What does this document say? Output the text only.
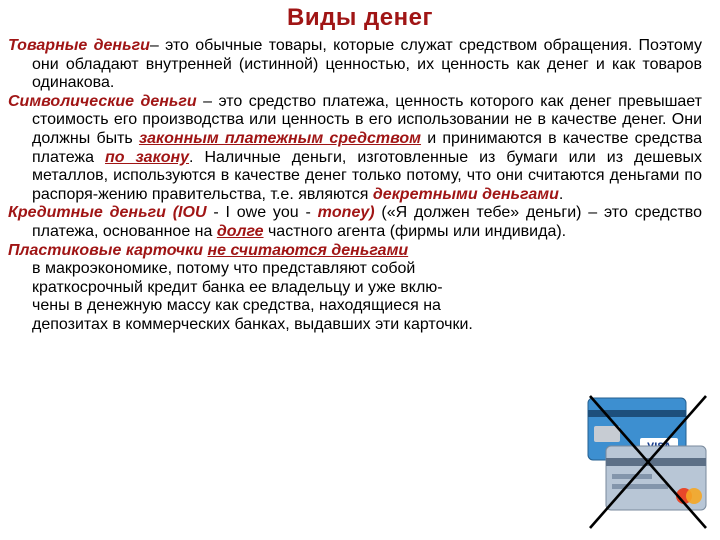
Виды денег

Товарные деньги– это обычные товары, которые служат средством обращения. Поэтому они обладают внутренней (истинной) ценностью, их ценность как денег и как товаров одинакова.

Символические деньги – это средство платежа, ценность которого как денег превышает стоимость его производства или ценность в его использовании не в качестве денег. Они должны быть законным платежным средством и принимаются в качестве средства платежа по закону. Наличные деньги, изготовленные из бумаги или из дешевых металлов, используются в качестве денег только потому, что они считаются деньгами по распоря-жению правительства, т.е. являются декретными деньгами.

Кредитные деньги (IOU - I owe you - money) («Я должен тебе» деньги) – это средство платежа, основанное на долге частного агента (фирмы или индивида).

Пластиковые карточки не считаются деньгами
в макроэкономике, потому что представляют собой
краткосрочный кредит банка ее владельцу и уже вклю-
чены в денежную массу как средства, находящиеся на
депозитах в коммерческих банках, выдавших эти карточки.
